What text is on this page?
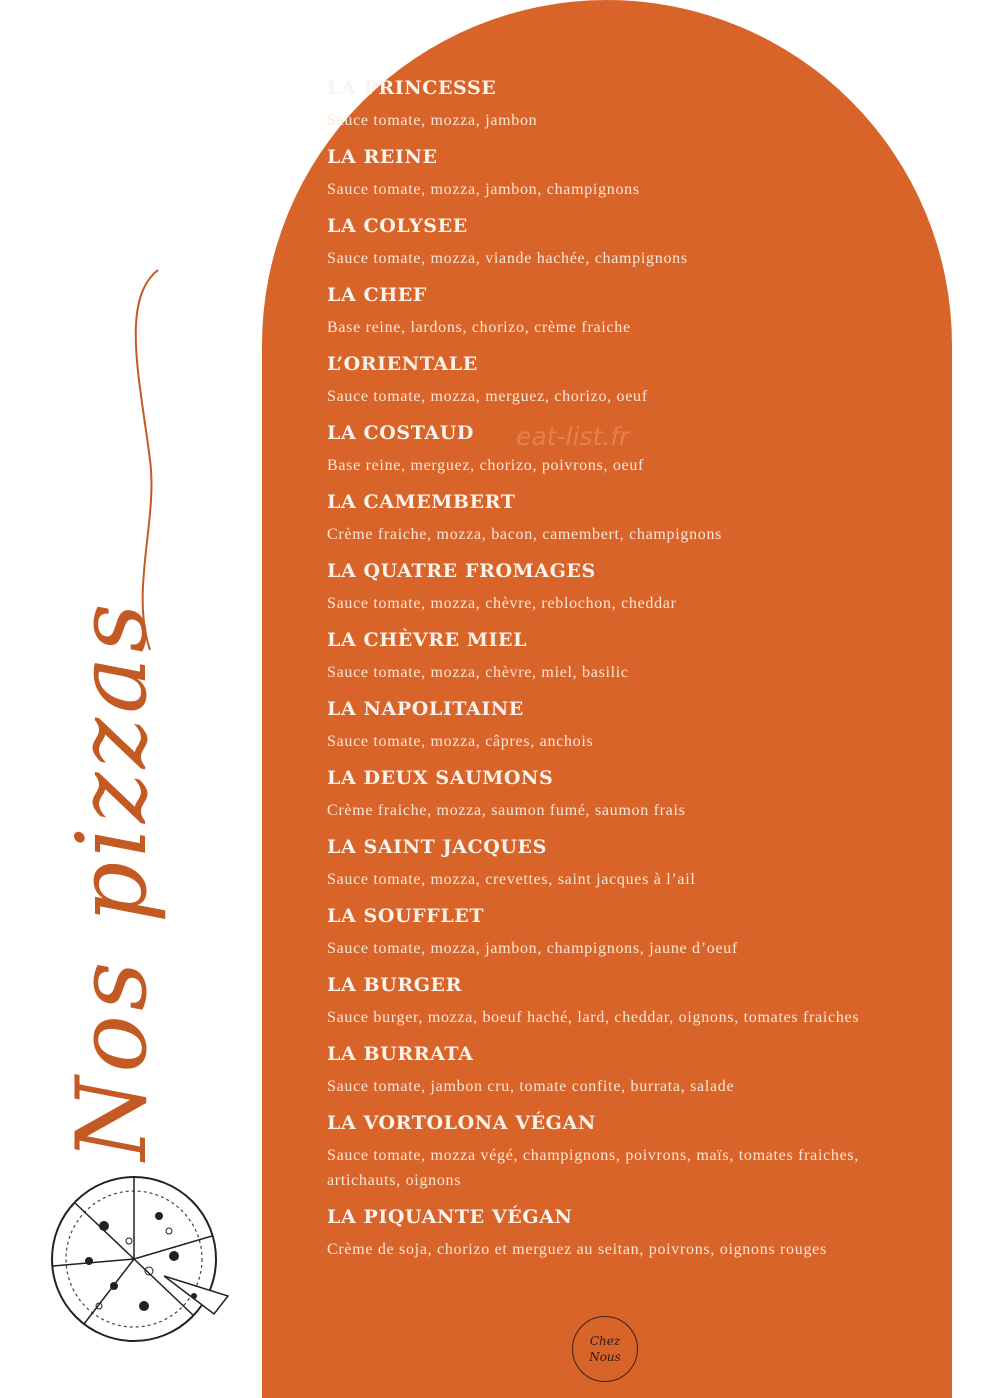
Nos pizzas
LA PRINCESSE
Sauce tomate, mozza, jambon
LA REINE
Sauce tomate, mozza, jambon, champignons
LA COLYSEE
Sauce tomate, mozza, viande hachée, champignons
LA CHEF
Base reine, lardons, chorizo, crème fraiche
L’ORIENTALE
Sauce tomate, mozza, merguez, chorizo, oeuf
LA COSTAUD
Base reine, merguez, chorizo, poivrons, oeuf
LA CAMEMBERT
Crème fraiche, mozza, bacon, camembert, champignons
LA QUATRE FROMAGES
Sauce tomate, mozza, chèvre, reblochon, cheddar
LA CHÈVRE MIEL
Sauce tomate, mozza, chèvre, miel, basilic
LA NAPOLITAINE
Sauce tomate, mozza, câpres, anchois
LA DEUX SAUMONS
Crème fraiche, mozza, saumon fumé, saumon frais
LA SAINT JACQUES
Sauce tomate, mozza, crevettes, saint jacques à l’ail
LA SOUFFLET
Sauce tomate, mozza, jambon, champignons, jaune d’oeuf
LA BURGER
Sauce burger, mozza, boeuf haché, lard, cheddar, oignons, tomates fraiches
LA BURRATA
Sauce tomate, jambon cru, tomate confite, burrata, salade
LA VORTOLONA VÉGAN
Sauce tomate, mozza végé, champignons, poivrons, maïs, tomates fraiches, artichauts, oignons
LA PIQUANTE VÉGAN
Crème de soja, chorizo et merguez au seitan, poivrons, oignons rouges
eat-list.fr
Chez
Nous
